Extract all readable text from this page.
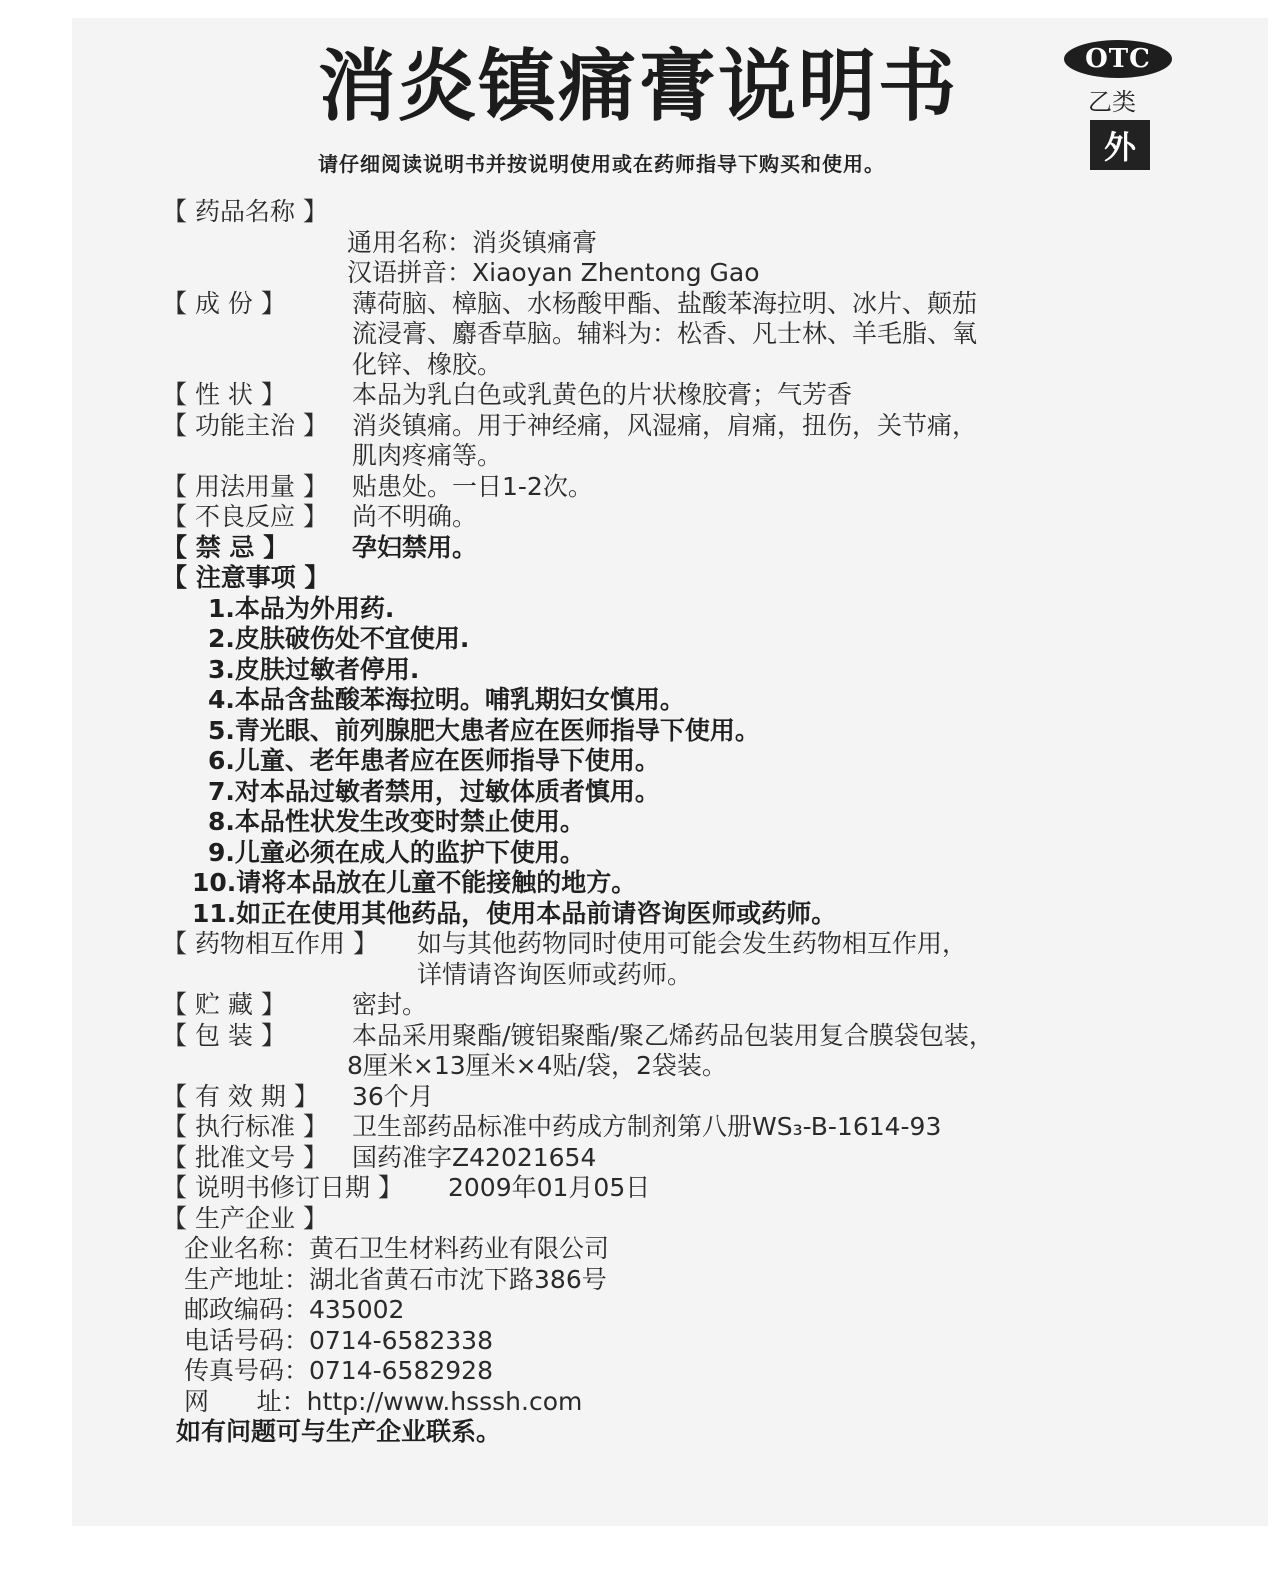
消炎镇痛膏说明书
请仔细阅读说明书并按说明使用或在药师指导下购买和使用。
OTC
乙类
外
【 药品名称 】
通用名称：消炎镇痛膏
汉语拼音：Xiaoyan Zhentong Gao
【 成 份 】	薄荷脑、樟脑、水杨酸甲酯、盐酸苯海拉明、冰片、颠茄
流浸膏、麝香草脑。辅料为：松香、凡士林、羊毛脂、氧
化锌、橡胶。
【 性 状 】	本品为乳白色或乳黄色的片状橡胶膏；气芳香
【 功能主治 】 消炎镇痛。用于神经痛，风湿痛，肩痛，扭伤，关节痛，
肌肉疼痛等。
【 用法用量 】 贴患处。一日1-2次。
【 不良反应 】 尚不明确。
【 禁 忌 】	孕妇禁用。
【 注意事项 】
1.本品为外用药.
2.皮肤破伤处不宜使用.
3.皮肤过敏者停用.
4.本品含盐酸苯海拉明。哺乳期妇女慎用。
5.青光眼、前列腺肥大患者应在医师指导下使用。
6.儿童、老年患者应在医师指导下使用。
7.对本品过敏者禁用，过敏体质者慎用。
8.本品性状发生改变时禁止使用。
9.儿童必须在成人的监护下使用。
10.请将本品放在儿童不能接触的地方。
11.如正在使用其他药品，使用本品前请咨询医师或药师。
【 药物相互作用 】 如与其他药物同时使用可能会发生药物相互作用，
详情请咨询医师或药师。
【 贮 藏 】	密封。
【 包 装 】	本品采用聚酯/镀铝聚酯/聚乙烯药品包装用复合膜袋包装，
8厘米×13厘米×4贴/袋，2袋装。
【 有 效 期 】 36个月
【 执行标准 】 卫生部药品标准中药成方制剂第八册WS₃-B-1614-93
【 批准文号 】 国药准字Z42021654
【 说明书修订日期 】 2009年01月05日
【 生产企业 】
企业名称：黄石卫生材料药业有限公司
生产地址：湖北省黄石市沈下路386号
邮政编码：435002
电话号码：0714-6582338
传真号码：0714-6582928
网      址：http://www.hsssh.com
如有问题可与生产企业联系。
